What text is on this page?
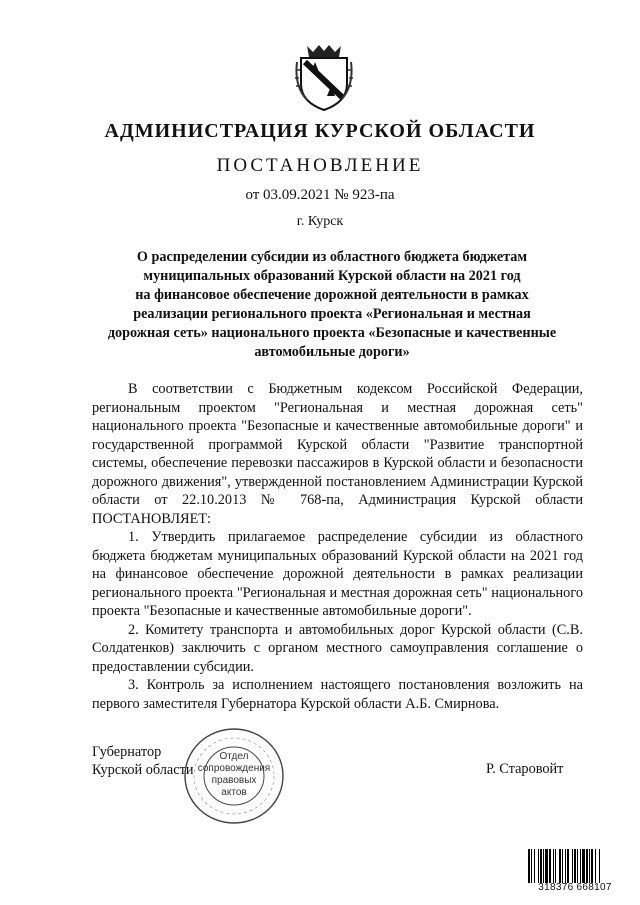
АДМИНИСТРАЦИЯ КУРСКОЙ ОБЛАСТИ
ПОСТАНОВЛЕНИЕ
от 03.09.2021 № 923-па
г. Курск
О распределении субсидии из областного бюджета бюджетам
муниципальных образований Курской области на 2021 год
на финансовое обеспечение дорожной деятельности в рамках
реализации регионального проекта «Региональная и местная
дорожная сеть» национального проекта «Безопасные и качественные
автомобильные дороги»

В соответствии с Бюджетным кодексом Российской Федерации, региональным проектом "Региональная и местная дорожная сеть" национального проекта "Безопасные и качественные автомобильные дороги" и государственной программой Курской области "Развитие транспортной системы, обеспечение перевозки пассажиров в Курской области и безопасности дорожного движения", утвержденной постановлением Администрации Курской области от 22.10.2013 № 768-па, Администрация Курской области ПОСТАНОВЛЯЕТ:

1. Утвердить прилагаемое распределение субсидии из областного бюджета бюджетам муниципальных образований Курской области на 2021 год на финансовое обеспечение дорожной деятельности в рамках реализации регионального проекта "Региональная и местная дорожная сеть" национального проекта "Безопасные и качественные автомобильные дороги".

2. Комитету транспорта и автомобильных дорог Курской области (С.В. Солдатенков) заключить с органом местного самоуправления соглашение о предоставлении субсидии.

3. Контроль за исполнением настоящего постановления возложить на первого заместителя Губернатора Курской области А.Б. Смирнова.

Губернатор
Курской области	Р. Старовойт
Отдел
сопровождения
правовых
актов
318376 668107
